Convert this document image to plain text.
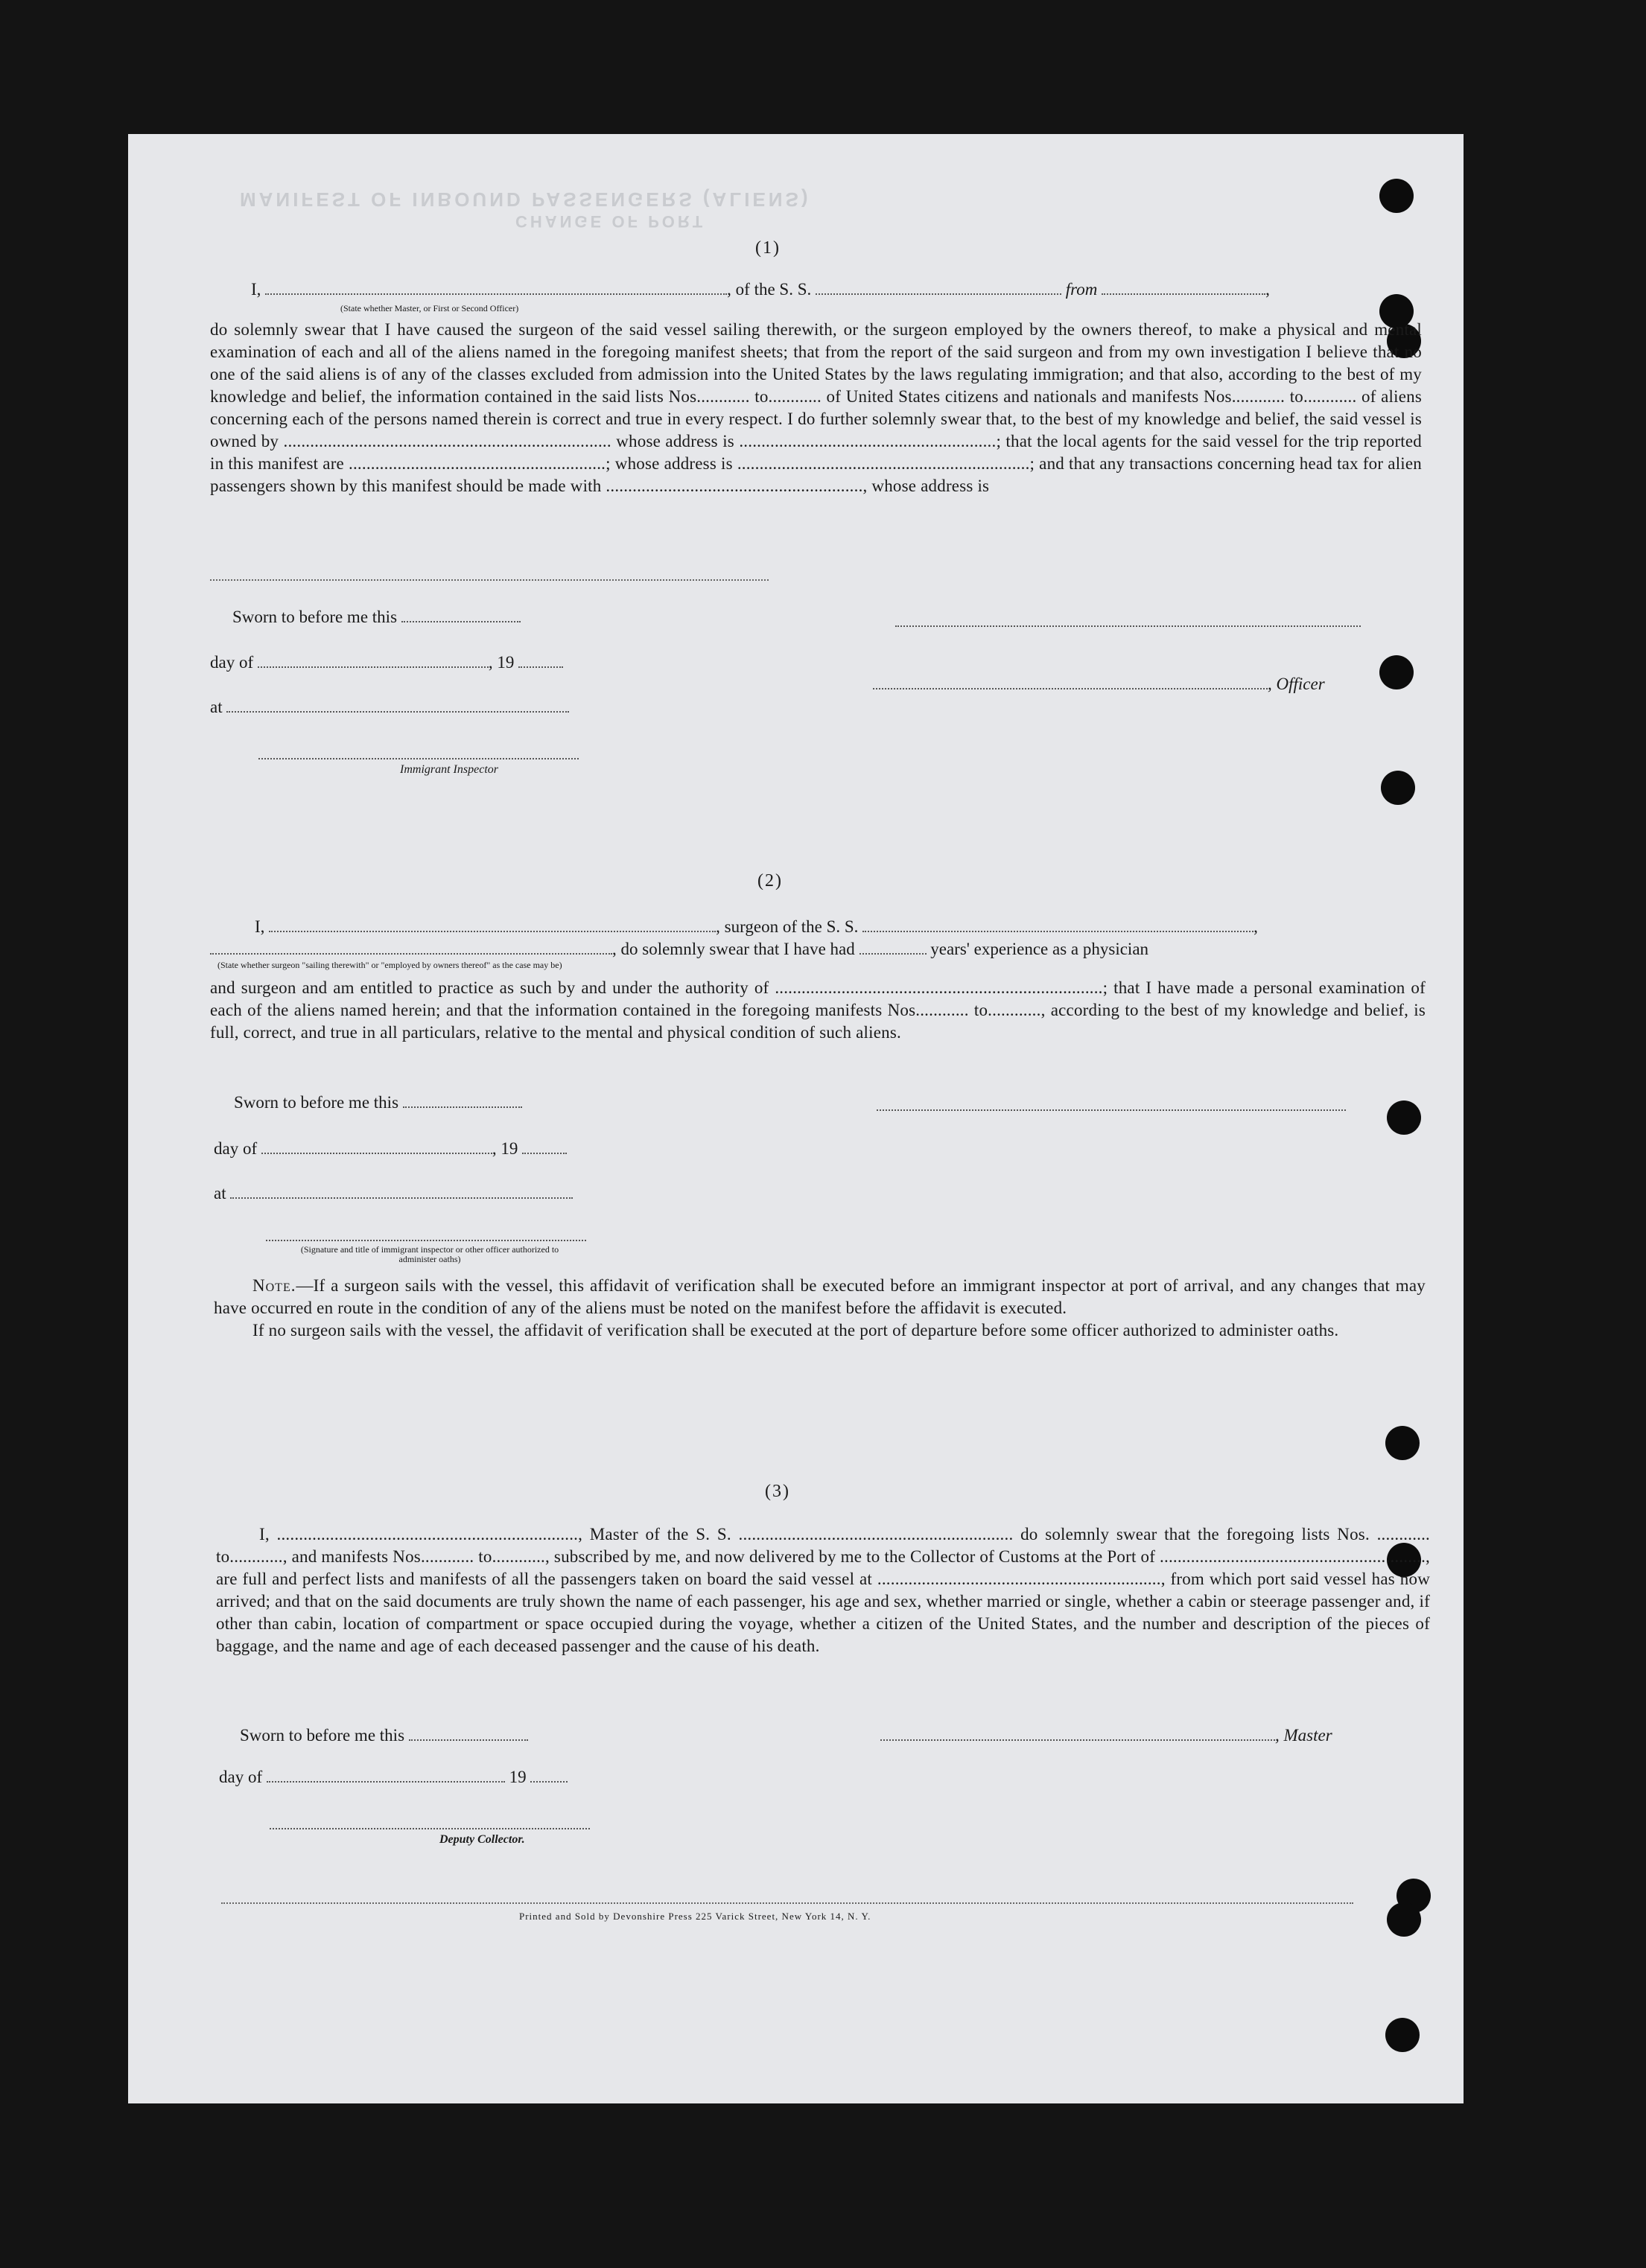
MANIFEST OF INBOUND PASSENGERS (ALIENS)
CHANGE OF PORT
(1)
I,	, of the S. S.	from	,
(State whether Master, or First or Second Officer)

do solemnly swear that I have caused the surgeon of the said vessel sailing therewith, or the surgeon employed by the owners thereof, to make a physical and mental examination of each and all of the aliens named in the foregoing manifest sheets; that from the report of the said surgeon and from my own investigation I believe that no one of the said aliens is of any of the classes excluded from admission into the United States by the laws regulating immigration; and that also, according to the best of my knowledge and belief, the information contained in the said lists Nos............ to............ of United States citizens and nationals and manifests Nos............ to............ of aliens concerning each of the persons named therein is correct and true in every respect. I do further solemnly swear that, to the best of my knowledge and belief, the said vessel is owned by .......................................................................... whose address is ..........................................................; that the local agents for the said vessel for the trip reported in this manifest are ..........................................................; whose address is ..................................................................; and that any transactions concerning head tax for alien passengers shown by this manifest should be made with .........................................................., whose address is

Sworn to before me this
day of	, 19
, Officer
at
Immigrant Inspector
(2)
I,	, surgeon of the S. S.	,
, do solemnly swear that I have had	years' experience as a physician
(State whether surgeon "sailing therewith" or "employed by owners thereof" as the case may be)
and surgeon and am entitled to practice as such by and under the authority of ..........................................................................; that I have made a personal examination of each of the aliens named herein; and that the information contained in the foregoing manifests Nos............ to............, according to the best of my knowledge and belief, is full, correct, and true in all particulars, relative to the mental and physical condition of such aliens.
Sworn to before me this
day of	, 19
at
(Signature and title of immigrant inspector or other officer authorized to administer oaths)

Note.—If a surgeon sails with the vessel, this affidavit of verification shall be executed before an immigrant inspector at port of arrival, and any changes that may have occurred en route in the condition of any of the aliens must be noted on the manifest before the affidavit is executed.

If no surgeon sails with the vessel, the affidavit of verification shall be executed at the port of departure before some officer authorized to administer oaths.

(3)

I, ...................................................................., Master of the S. S. .............................................................. do solemnly swear that the foregoing lists Nos. ............ to............, and manifests Nos............ to............, subscribed by me, and now delivered by me to the Collector of Customs at the Port of ............................................................, are full and perfect lists and manifests of all the passengers taken on board the said vessel at ................................................................, from which port said vessel has now arrived; and that on the said documents are truly shown the name of each passenger, his age and sex, whether married or single, whether a cabin or steerage passenger and, if other than cabin, location of compartment or space occupied during the voyage, whether a citizen of the United States, and the number and description of the pieces of baggage, and the name and age of each deceased passenger and the cause of his death.

Sworn to before me this	, Master
day of	19
Deputy Collector.
Printed and Sold by Devonshire Press 225 Varick Street, New York 14, N. Y.
